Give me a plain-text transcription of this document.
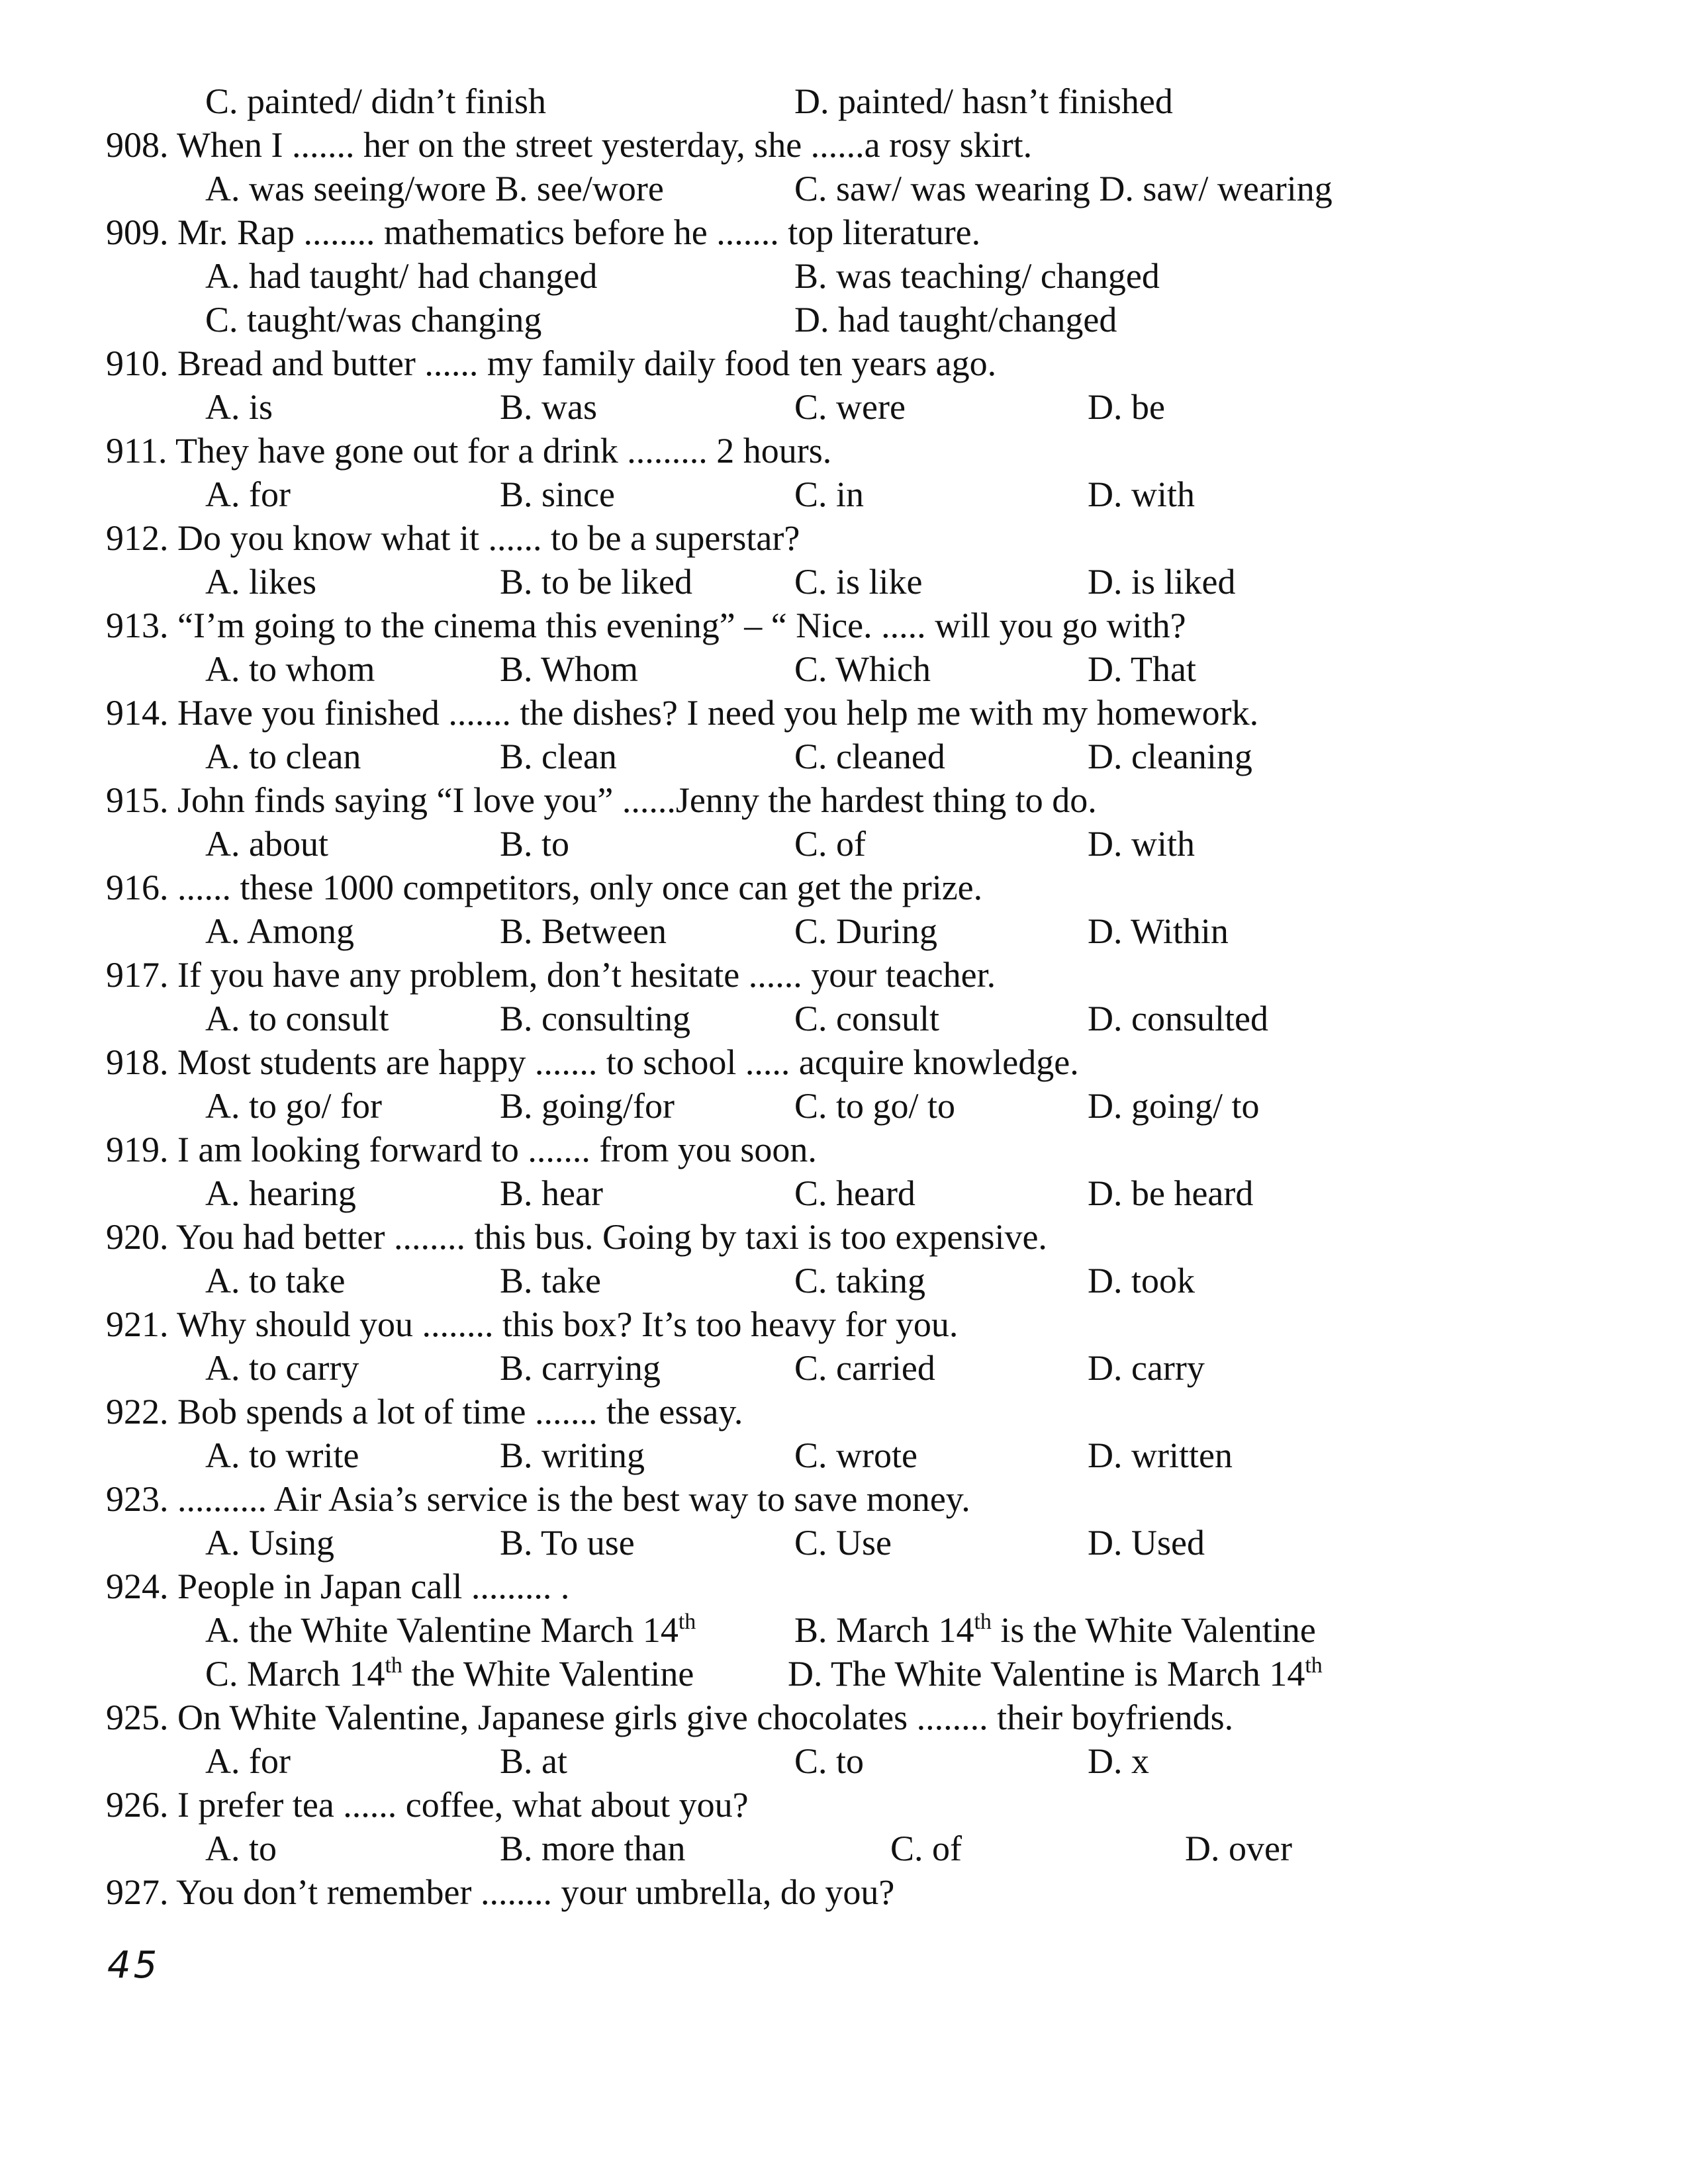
C. painted/ didn’t finish	D. painted/ hasn’t finished
908. When I ....... her on the street yesterday, she ......a rosy skirt.
A. was seeing/wore B. see/wore	C. saw/ was wearing D. saw/ wearing
909. Mr. Rap ........ mathematics before he ....... top literature.
A. had taught/ had changed	B. was teaching/ changed
C. taught/was changing	D. had taught/changed
910. Bread and butter ...... my family daily food ten years ago.
A. is	B. was	C. were	D. be
911. They have gone out for a drink ......... 2 hours.
A. for	B. since	C. in	D. with
912. Do you know what it ...... to be a superstar?
A. likes	B. to be liked	C. is like	D. is liked
913. “I’m going to the cinema this evening” – “ Nice. ..... will you go with?
A. to whom	B. Whom	C. Which	D. That
914. Have you finished ....... the dishes? I need you help me with my homework.
A. to clean	B. clean	C. cleaned	D. cleaning
915. John finds saying “I love you” ......Jenny the hardest thing to do.
A. about	B. to	C. of	D. with
916. ...... these 1000 competitors, only once can get the prize.
A. Among	B. Between	C. During	D. Within
917. If you have any problem, don’t hesitate ...... your teacher.
A. to consult	B. consulting	C. consult	D. consulted
918. Most students are happy ....... to school ..... acquire knowledge.
A. to go/ for	B. going/for	C. to go/ to	D. going/ to
919. I am looking forward to ....... from you soon.
A. hearing	B. hear	C. heard	D. be heard
920. You had better ........ this bus. Going by taxi is too expensive.
A. to take	B. take	C. taking	D. took
921. Why should you ........ this box? It’s too heavy for you.
A. to carry	B. carrying	C. carried	D. carry
922. Bob spends a lot of time ....... the essay.
A. to write	B. writing	C. wrote	D. written
923. .......... Air Asia’s service is the best way to save money.
A. Using	B. To use	C. Use	D. Used
924. People in Japan call ......... .
A. the White Valentine March 14th	B. March 14th is the White Valentine
C. March 14th the White Valentine	D. The White Valentine is March 14th
925. On White Valentine, Japanese girls give chocolates ........ their boyfriends.
A. for	B. at	C. to	D. x
926. I prefer tea ...... coffee, what about you?
A. to	B. more than	C. of	D. over
927. You don’t remember ........ your umbrella, do you?
45
